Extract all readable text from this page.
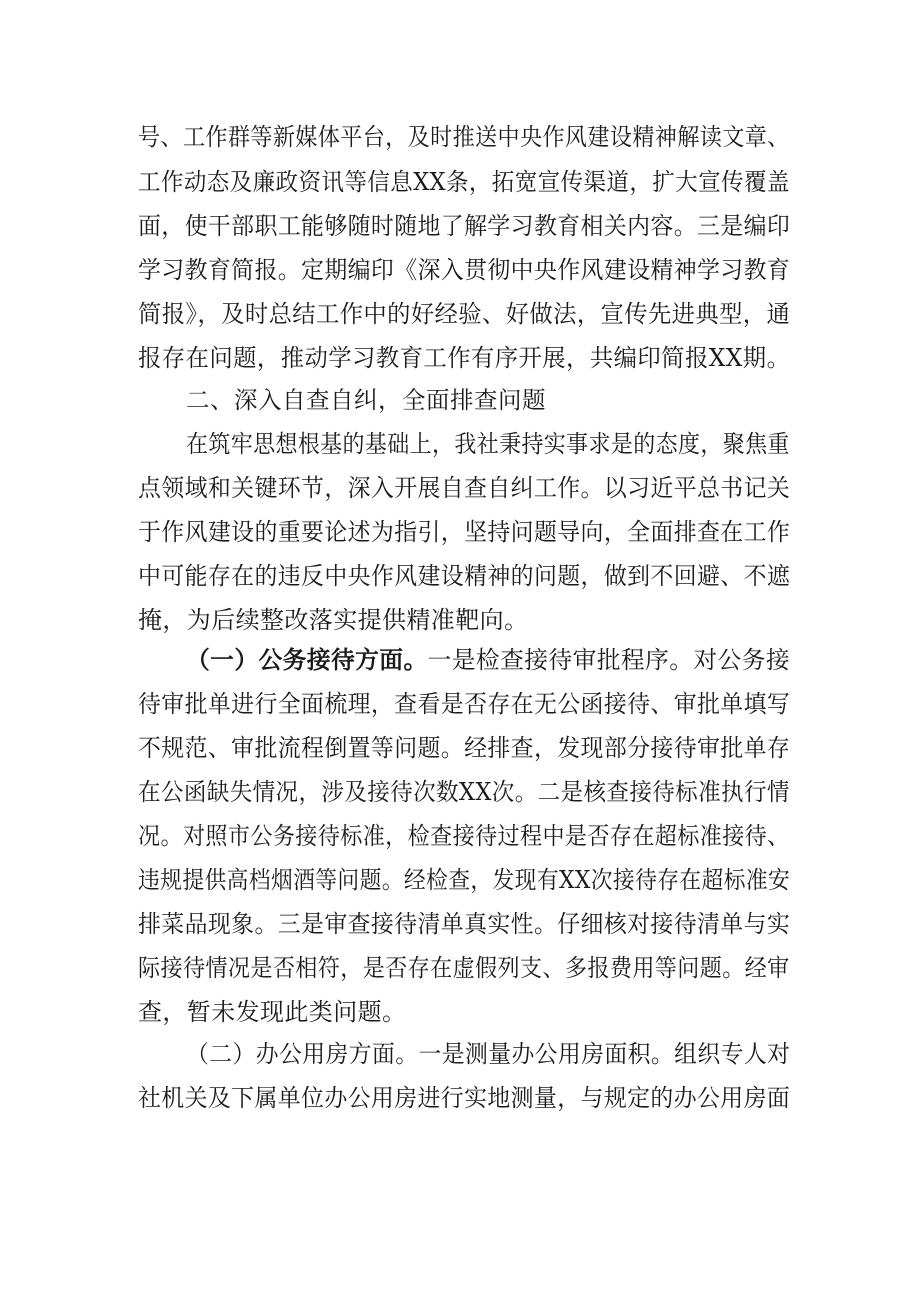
号、工作群等新媒体平台，及时推送中央作风建设精神解读文章、
工作动态及廉政资讯等信息XX条，拓宽宣传渠道，扩大宣传覆盖
面，使干部职工能够随时随地了解学习教育相关内容。三是编印
学习教育简报。定期编印《深入贯彻中央作风建设精神学习教育
简报》，及时总结工作中的好经验、好做法，宣传先进典型，通
报存在问题，推动学习教育工作有序开展，共编印简报XX期。
二、深入自查自纠，全面排查问题
在筑牢思想根基的基础上，我社秉持实事求是的态度，聚焦重
点领域和关键环节，深入开展自查自纠工作。以习近平总书记关
于作风建设的重要论述为指引，坚持问题导向，全面排查在工作
中可能存在的违反中央作风建设精神的问题，做到不回避、不遮
掩，为后续整改落实提供精准靶向。
（一）公务接待方面。一是检查接待审批程序。对公务接
待审批单进行全面梳理，查看是否存在无公函接待、审批单填写
不规范、审批流程倒置等问题。经排查，发现部分接待审批单存
在公函缺失情况，涉及接待次数XX次。二是核查接待标准执行情
况。对照市公务接待标准，检查接待过程中是否存在超标准接待、
违规提供高档烟酒等问题。经检查，发现有XX次接待存在超标准安
排菜品现象。三是审查接待清单真实性。仔细核对接待清单与实
际接待情况是否相符，是否存在虚假列支、多报费用等问题。经审
查，暂未发现此类问题。
（二）办公用房方面。一是测量办公用房面积。组织专人对
社机关及下属单位办公用房进行实地测量，与规定的办公用房面
